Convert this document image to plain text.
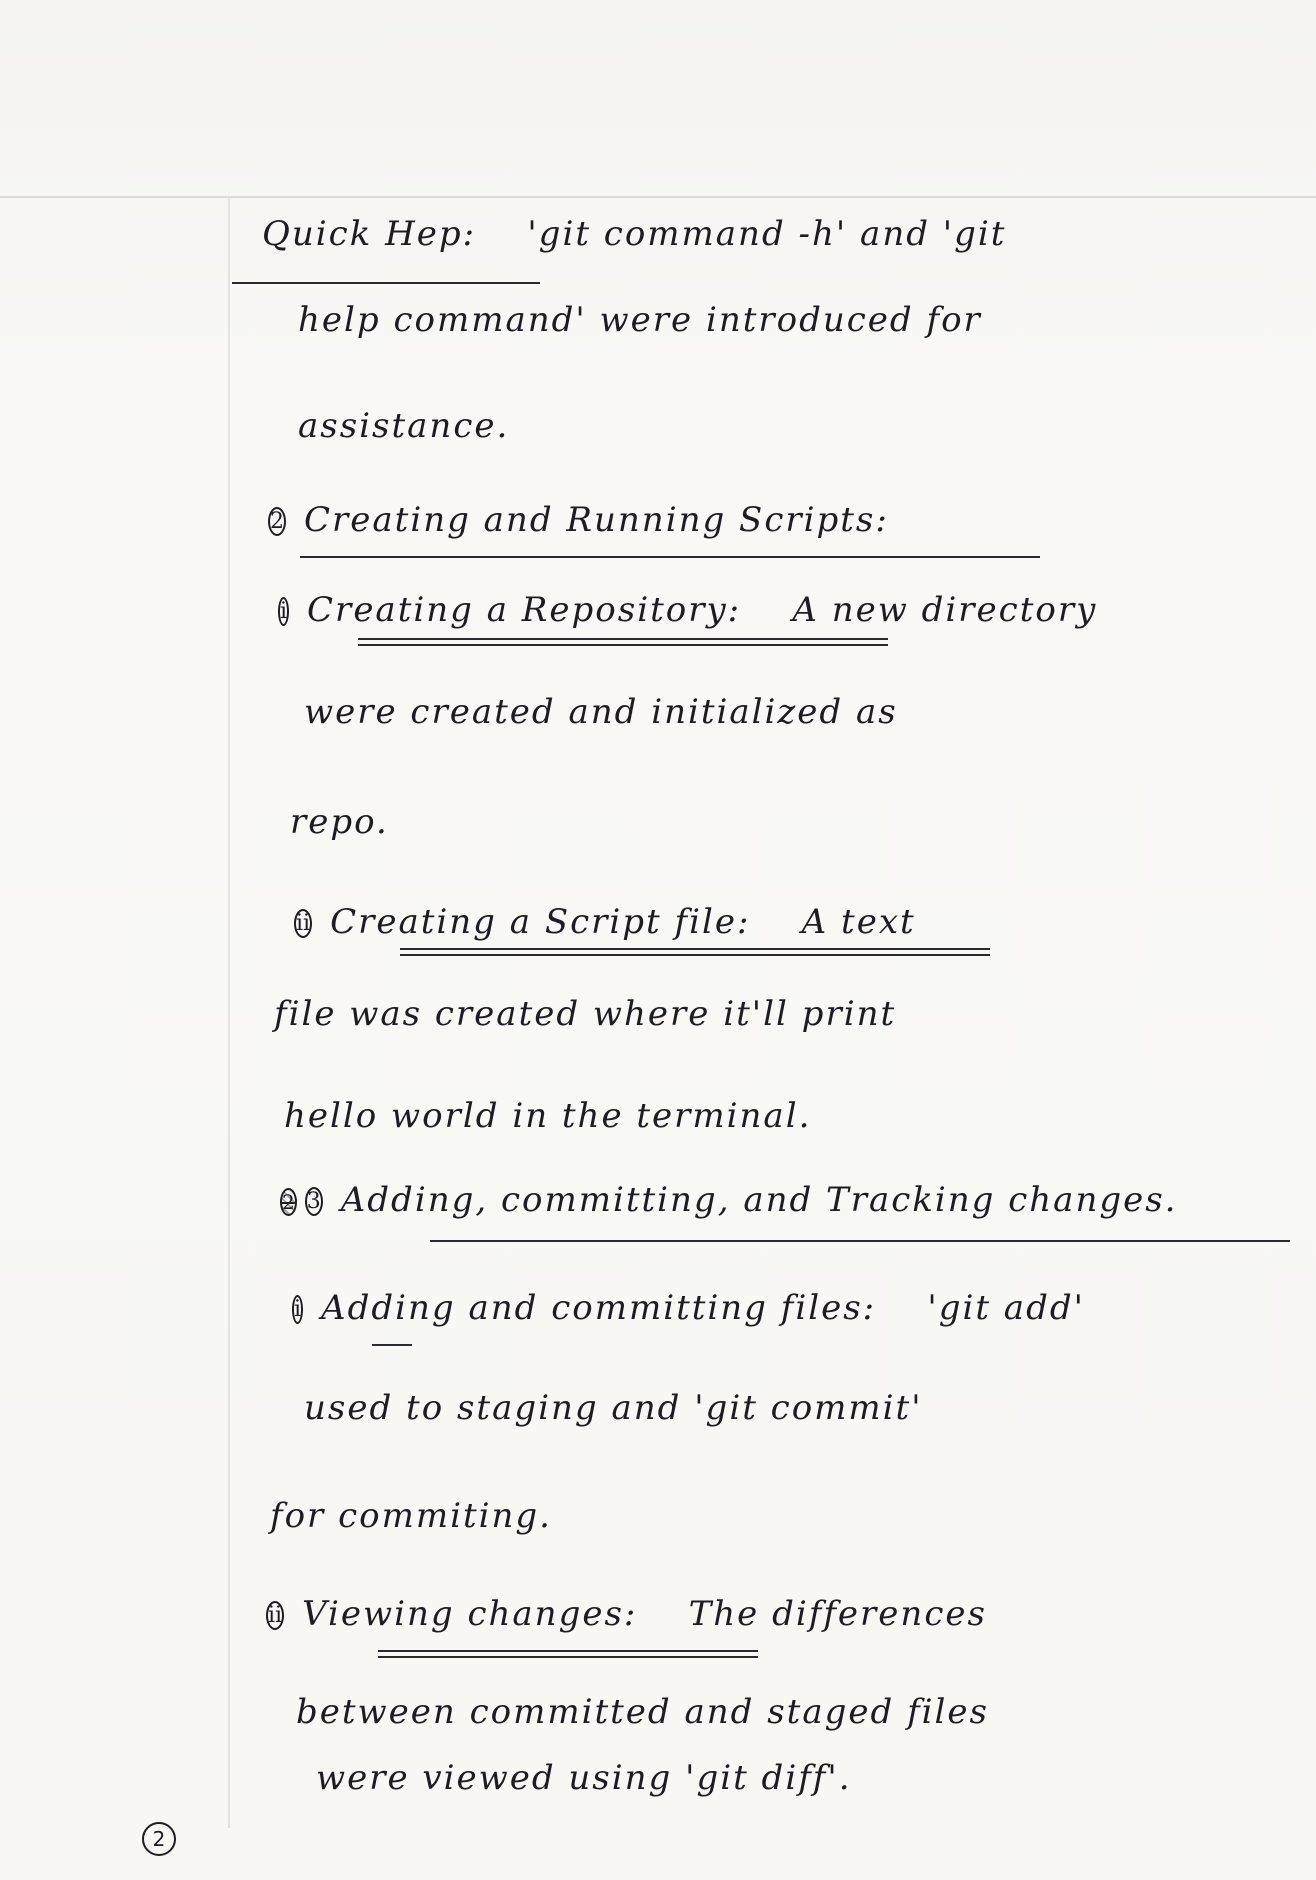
Quick Hep: 'git command -h' and 'git
help command' were introduced for
assistance.
2 Creating and Running Scripts:
i Creating a Repository: A new directory
were created and initialized as
repo.
ii Creating a Script file: A text
file was created where it'll print
hello world in the terminal.
2 3 Adding, committing, and Tracking changes.
i Adding and committing files: 'git add'
used to staging and 'git commit'
for commiting.
ii Viewing changes: The differences
between committed and staged files
were viewed using 'git diff'.
2
